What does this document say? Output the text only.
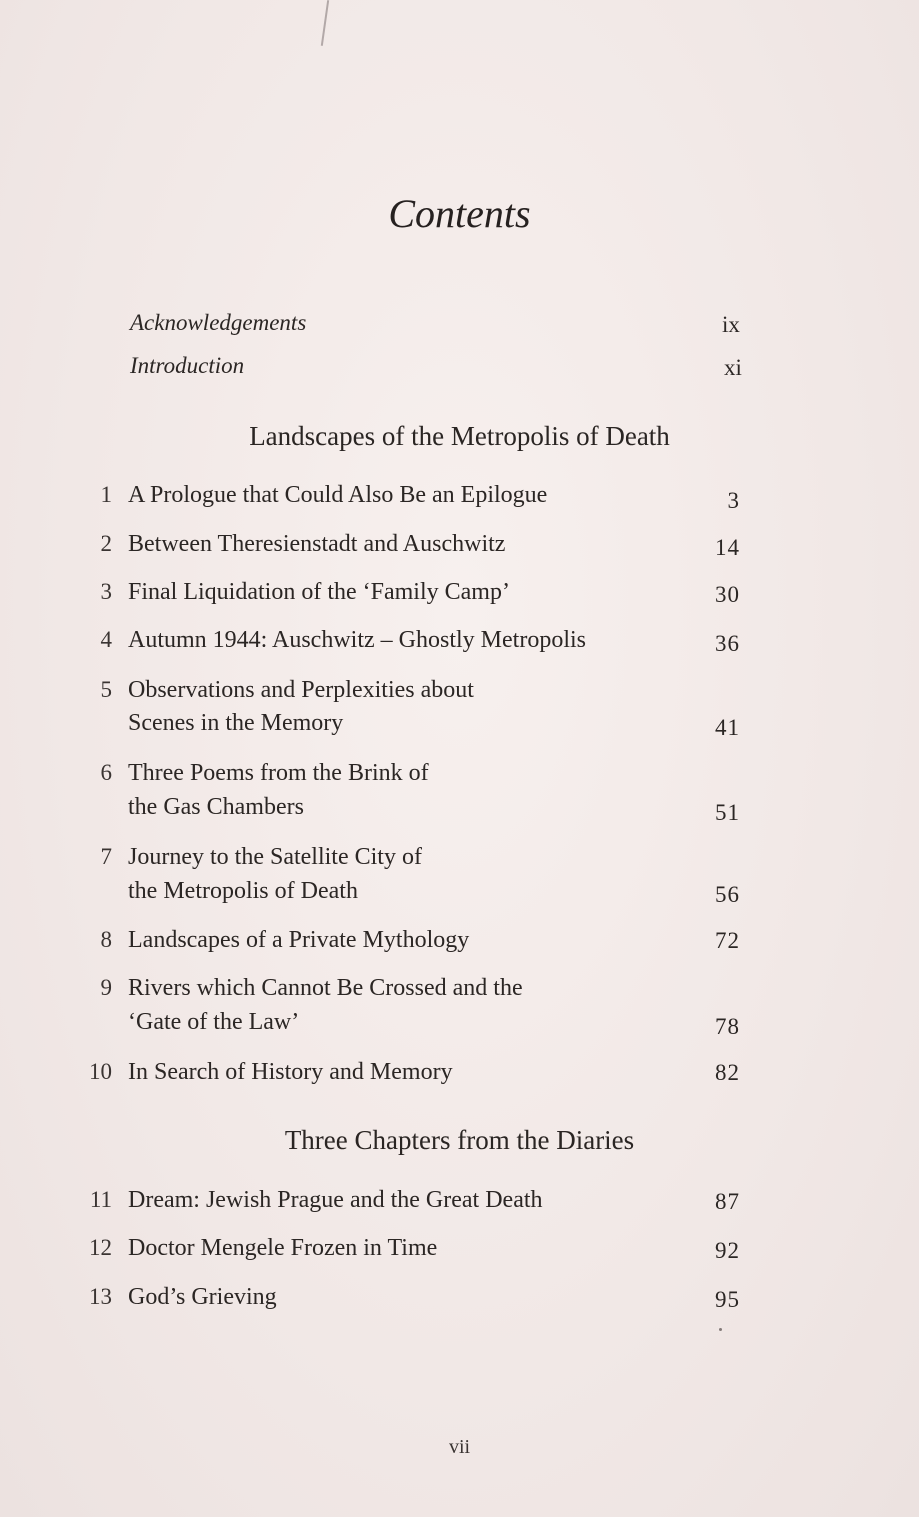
Contents
Acknowledgements	ix
Introduction	xi
Landscapes of the Metropolis of Death
1 A Prologue that Could Also Be an Epilogue	3
2 Between Theresienstadt and Auschwitz	14
3 Final Liquidation of the ‘Family Camp’	30
4 Autumn 1944: Auschwitz – Ghostly Metropolis	36
5 Observations and Perplexities about
Scenes in the Memory	41
6 Three Poems from the Brink of
the Gas Chambers	51
7 Journey to the Satellite City of
the Metropolis of Death	56
8 Landscapes of a Private Mythology	72
9 Rivers which Cannot Be Crossed and the
‘Gate of the Law’	78
10 In Search of History and Memory	82
Three Chapters from the Diaries
11 Dream: Jewish Prague and the Great Death	87
12 Doctor Mengele Frozen in Time	92
13 God’s Grieving	95
vii
